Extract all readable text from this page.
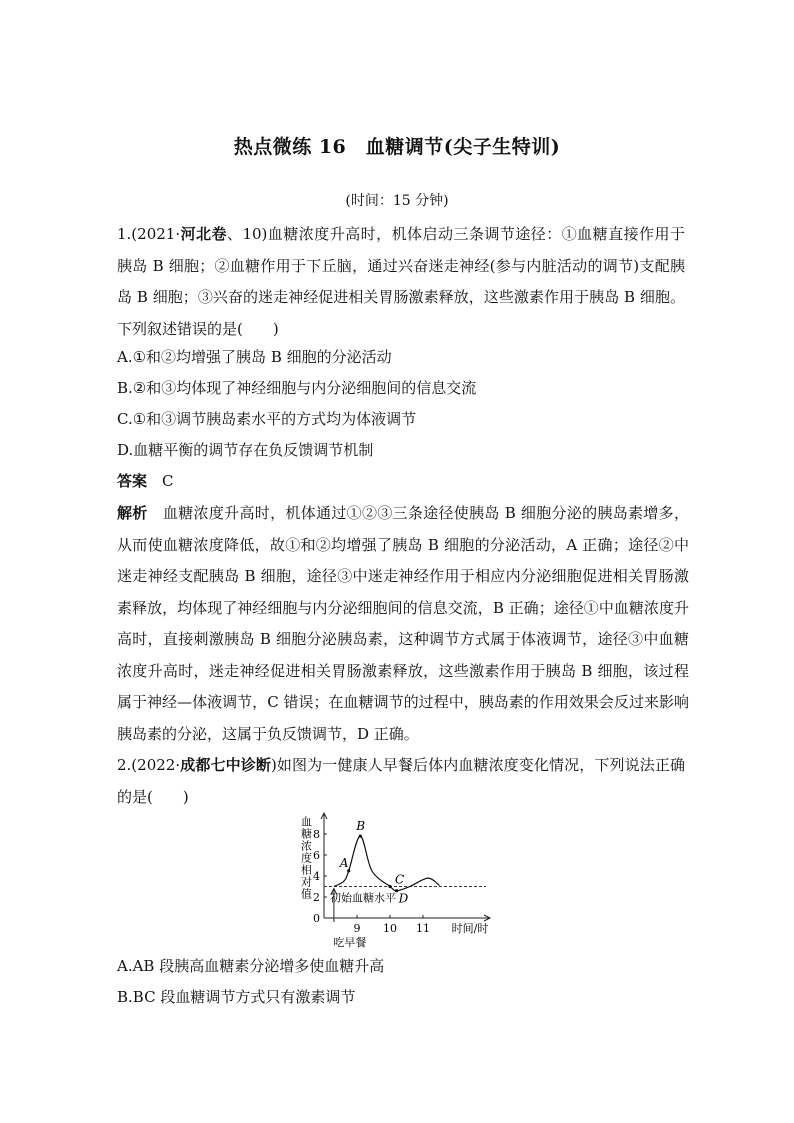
热点微练 16　血糖调节(尖子生特训)
(时间：15 分钟)
1.(2021·河北卷、10)血糖浓度升高时，机体启动三条调节途径：①血糖直接作用于胰岛 B 细胞；②血糖作用于下丘脑，通过兴奋迷走神经(参与内脏活动的调节)支配胰岛 B 细胞；③兴奋的迷走神经促进相关胃肠激素释放，这些激素作用于胰岛 B 细胞。下列叙述错误的是(　　)
A.①和②均增强了胰岛 B 细胞的分泌活动
B.②和③均体现了神经细胞与内分泌细胞间的信息交流
C.①和③调节胰岛素水平的方式均为体液调节
D.血糖平衡的调节存在负反馈调节机制
答案　 C
解析　 血糖浓度升高时，机体通过①②③三条途径使胰岛 B 细胞分泌的胰岛素增多，从而使血糖浓度降低，故①和②均增强了胰岛 B 细胞的分泌活动，A 正确；途径②中迷走神经支配胰岛 B 细胞，途径③中迷走神经作用于相应内分泌细胞促进相关胃肠激素释放，均体现了神经细胞与内分泌细胞间的信息交流，B 正确；途径①中血糖浓度升高时，直接刺激胰岛 B 细胞分泌胰岛素，这种调节方式属于体液调节，途径③中血糖浓度升高时，迷走神经促进相关胃肠激素释放，这些激素作用于胰岛 B 细胞，该过程属于神经—体液调节，C 错误；在血糖调节的过程中，胰岛素的作用效果会反过来影响胰岛素的分泌，这属于负反馈调节，D 正确。
2.(2022·成都七中诊断)如图为一健康人早餐后体内血糖浓度变化情况，下列说法正确的是(　　)
0
2
4
6
8
9 10 11 时间/时
血糖浓度相对值 初始血糖水平
吃早餐
A
B
C
D
A.AB 段胰高血糖素分泌增多使血糖升高
B.BC 段血糖调节方式只有激素调节
